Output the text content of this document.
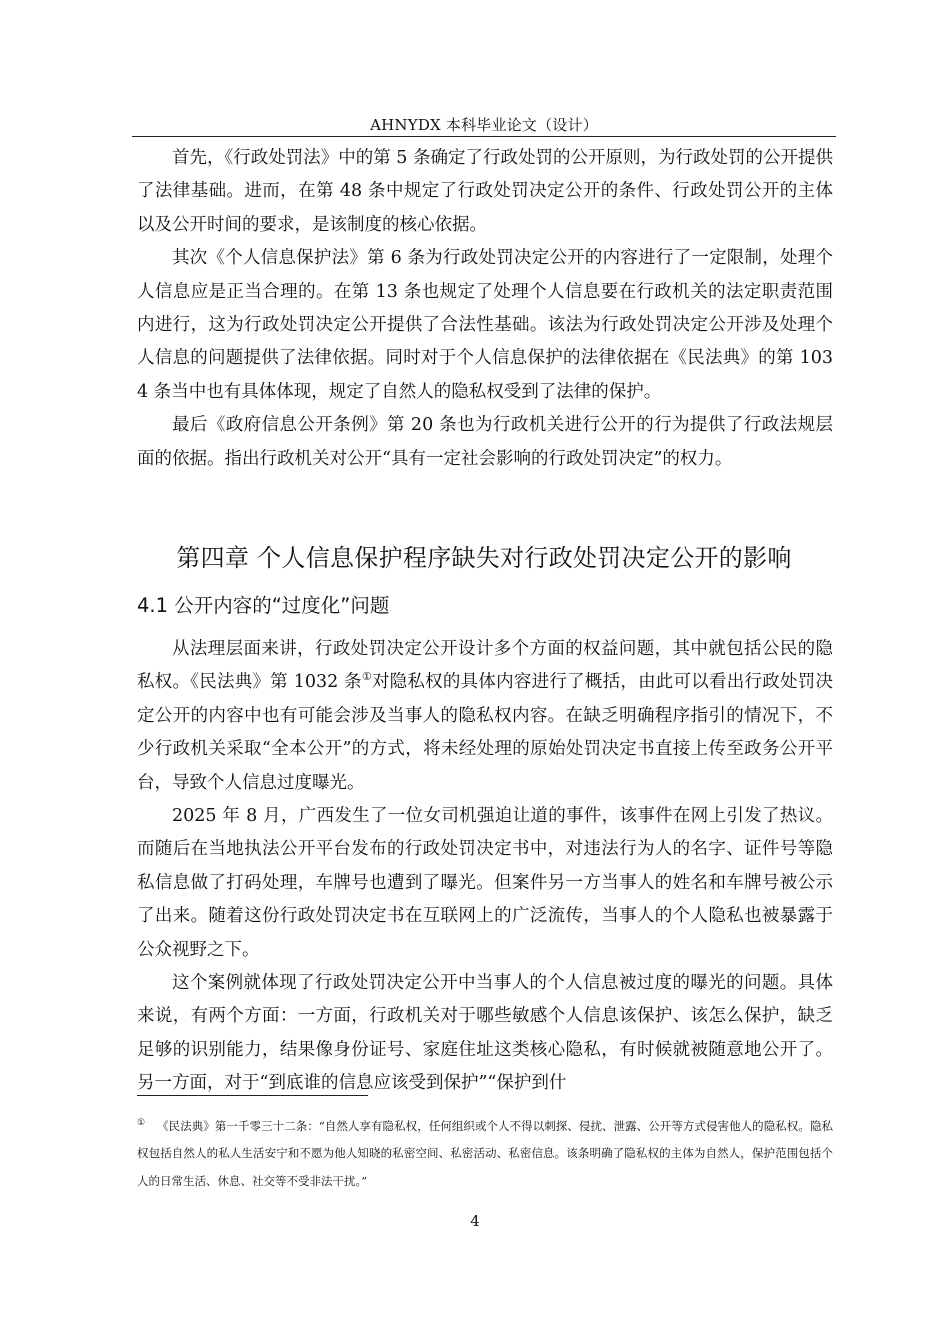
AHNYDX 本科毕业论文（设计）

首先，《行政处罚法》中的第 5 条确定了行政处罚的公开原则，为行政处罚的公开提供了法律基础。进而，在第 48 条中规定了行政处罚决定公开的条件、行政处罚公开的主体以及公开时间的要求，是该制度的核心依据。

其次《个人信息保护法》第 6 条为行政处罚决定公开的内容进行了一定限制，处理个人信息应是正当合理的。在第 13 条也规定了处理个人信息要在行政机关的法定职责范围内进行，这为行政处罚决定公开提供了合法性基础。该法为行政处罚决定公开涉及处理个人信息的问题提供了法律依据。同时对于个人信息保护的法律依据在《民法典》的第 1034 条当中也有具体体现，规定了自然人的隐私权受到了法律的保护。

最后《政府信息公开条例》第 20 条也为行政机关进行公开的行为提供了行政法规层面的依据。指出行政机关对公开“具有一定社会影响的行政处罚决定”的权力。

第四章 个人信息保护程序缺失对行政处罚决定公开的影响
4.1 公开内容的“过度化”问题

从法理层面来讲，行政处罚决定公开设计多个方面的权益问题，其中就包括公民的隐私权。《民法典》第 1032 条①对隐私权的具体内容进行了概括，由此可以看出行政处罚决定公开的内容中也有可能会涉及当事人的隐私权内容。在缺乏明确程序指引的情况下，不少行政机关采取“全本公开”的方式，将未经处理的原始处罚决定书直接上传至政务公开平台，导致个人信息过度曝光。

2025 年 8 月，广西发生了一位女司机强迫让道的事件，该事件在网上引发了热议。而随后在当地执法公开平台发布的行政处罚决定书中，对违法行为人的名字、证件号等隐私信息做了打码处理，车牌号也遭到了曝光。但案件另一方当事人的姓名和车牌号被公示了出来。随着这份行政处罚决定书在互联网上的广泛流传，当事人的个人隐私也被暴露于公众视野之下。

这个案例就体现了行政处罚决定公开中当事人的个人信息被过度的曝光的问题。具体来说，有两个方面：一方面，行政机关对于哪些敏感个人信息该保护、该怎么保护，缺乏足够的识别能力，结果像身份证号、家庭住址这类核心隐私，有时候就被随意地公开了。另一方面，对于“到底谁的信息应该受到保护”“保护到什

① 《民法典》第一千零三十二条：“自然人享有隐私权，任何组织或个人不得以刺探、侵扰、泄露、公开等方式侵害他人的隐私权。隐私权包括自然人的私人生活安宁和不愿为他人知晓的私密空间、私密活动、私密信息。该条明确了隐私权的主体为自然人，保护范围包括个人的日常生活、休息、社交等不受非法干扰。”
4
